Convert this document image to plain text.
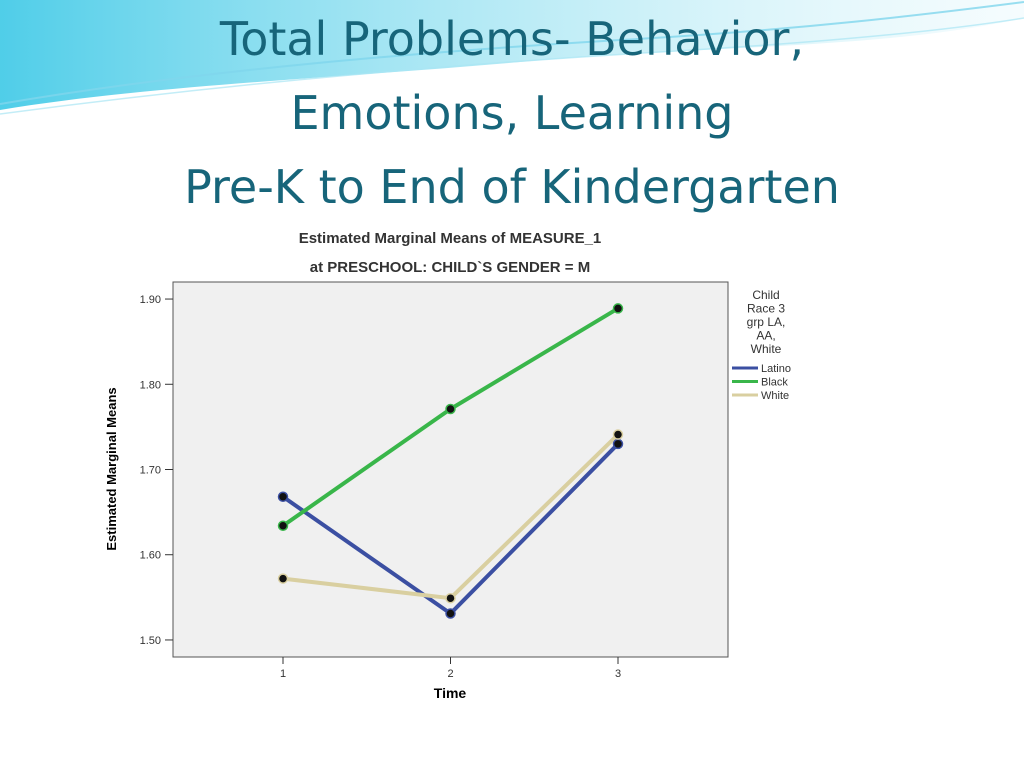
Total Problems- Behavior,
Emotions, Learning
Pre-K to End of Kindergarten
Estimated Marginal Means of MEASURE_1
at PRESCHOOL: CHILD`S GENDER = M
1.50
1.60
1.70
1.80
1.90
1	2	3
Time
Estimated Marginal Means
Child
Race 3
grp LA,
AA,
White
Latino
Black
White
